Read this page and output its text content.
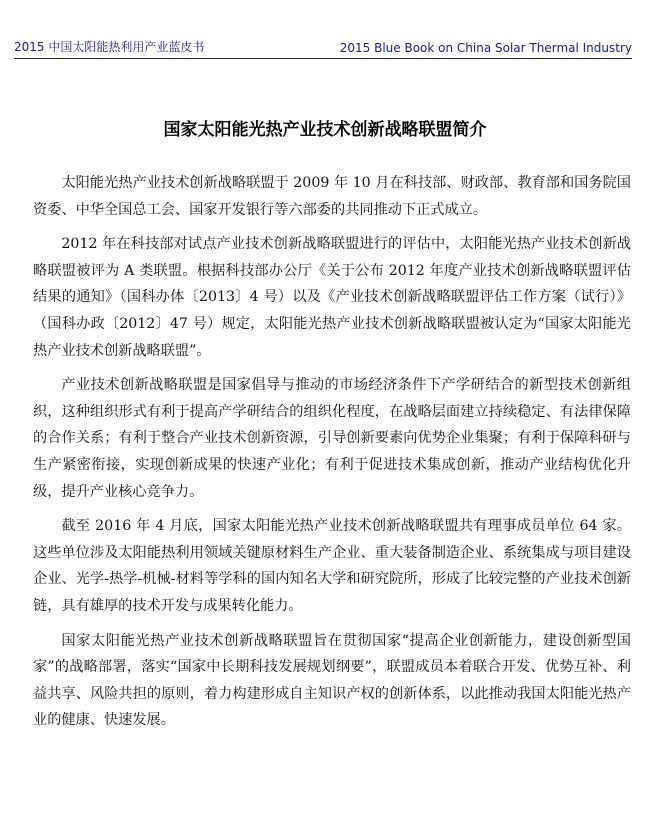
2015 中国太阳能热利用产业蓝皮书	2015 Blue Book on China Solar Thermal Industry
国家太阳能光热产业技术创新战略联盟简介

太阳能光热产业技术创新战略联盟于 2009 年 10 月在科技部、财政部、教育部和国务院国资委、中华全国总工会、国家开发银行等六部委的共同推动下正式成立。

2012 年在科技部对试点产业技术创新战略联盟进行的评估中，太阳能光热产业技术创新战略联盟被评为 A 类联盟。根据科技部办公厅《关于公布 2012 年度产业技术创新战略联盟评估结果的通知》（国科办体〔2013〕4 号）以及《产业技术创新战略联盟评估工作方案（试行）》（国科办政〔2012〕47 号）规定，太阳能光热产业技术创新战略联盟被认定为“国家太阳能光热产业技术创新战略联盟”。

产业技术创新战略联盟是国家倡导与推动的市场经济条件下产学研结合的新型技术创新组织，这种组织形式有利于提高产学研结合的组织化程度，在战略层面建立持续稳定、有法律保障的合作关系；有利于整合产业技术创新资源，引导创新要素向优势企业集聚；有利于保障科研与生产紧密衔接，实现创新成果的快速产业化；有利于促进技术集成创新，推动产业结构优化升级，提升产业核心竞争力。

截至 2016 年 4 月底，国家太阳能光热产业技术创新战略联盟共有理事成员单位 64 家。这些单位涉及太阳能热利用领域关键原材料生产企业、重大装备制造企业、系统集成与项目建设企业、光学-热学-机械-材料等学科的国内知名大学和研究院所，形成了比较完整的产业技术创新链，具有雄厚的技术开发与成果转化能力。

国家太阳能光热产业技术创新战略联盟旨在贯彻国家“提高企业创新能力，建设创新型国家”的战略部署，落实“国家中长期科技发展规划纲要”，联盟成员本着联合开发、优势互补、利益共享、风险共担的原则，着力构建形成自主知识产权的创新体系，以此推动我国太阳能光热产业的健康、快速发展。
